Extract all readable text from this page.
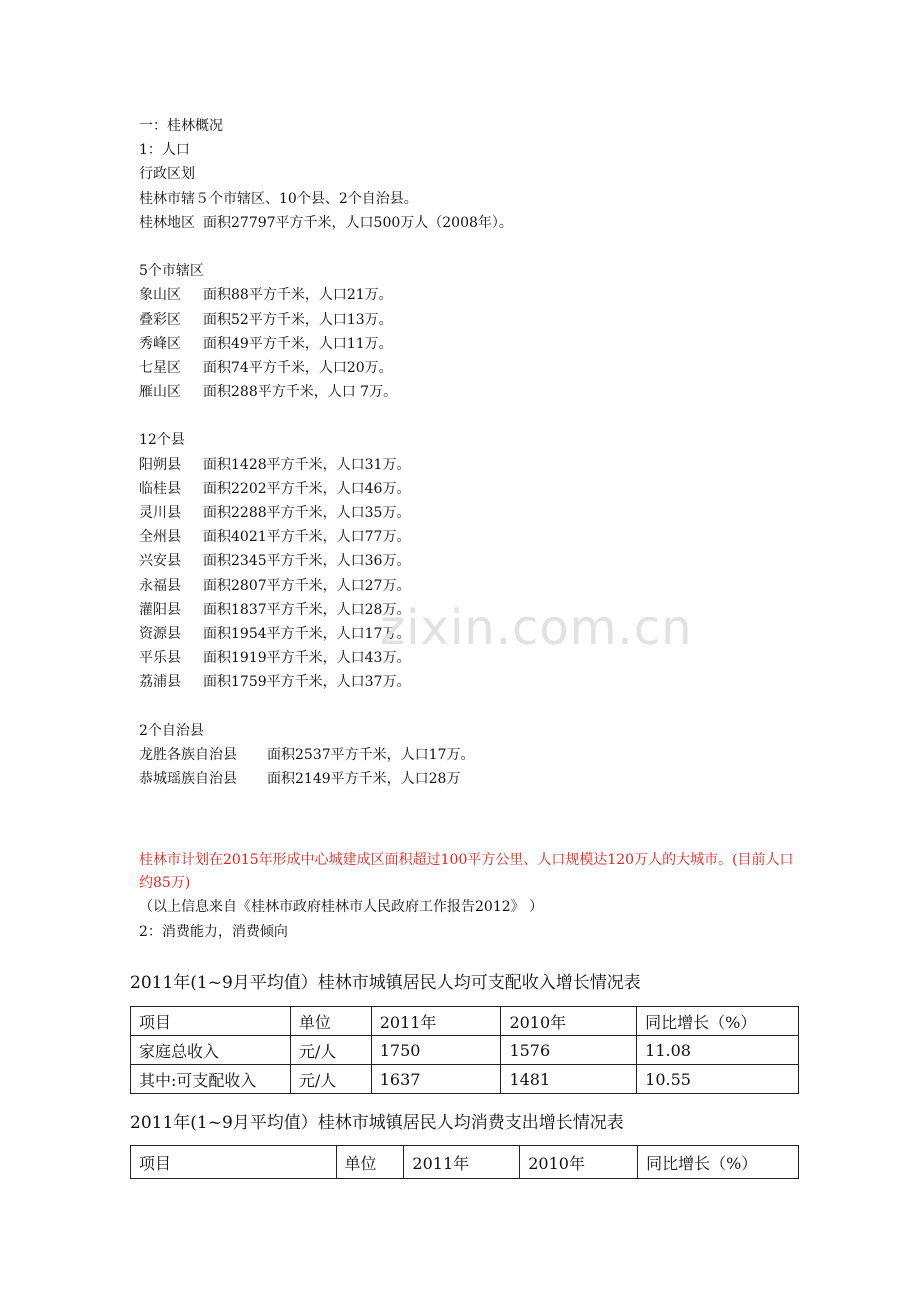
一：桂林概况
1：人口
行政区划
桂林市辖５个市辖区、10个县、2个自治县。
桂林地区 面积27797平方千米，人口500万人（2008年）。
5个市辖区
象山区 面积88平方千米，人口21万。
叠彩区 面积52平方千米，人口13万。
秀峰区 面积49平方千米，人口11万。
七星区 面积74平方千米，人口20万。
雁山区 面积288平方千米，人口 7万。
12个县
阳朔县 面积1428平方千米，人口31万。
临桂县 面积2202平方千米，人口46万。
灵川县 面积2288平方千米，人口35万。
全州县 面积4021平方千米，人口77万。
兴安县 面积2345平方千米，人口36万。
永福县 面积2807平方千米，人口27万。
灌阳县 面积1837平方千米，人口28万。
资源县 面积1954平方千米，人口17万。
平乐县 面积1919平方千米，人口43万。
荔浦县 面积1759平方千米，人口37万。
2个自治县
龙胜各族自治县 面积2537平方千米，人口17万。
恭城瑶族自治县 面积2149平方千米，人口28万

桂林市计划在2015年形成中心城建成区面积超过100平方公里、人口规模达120万人的大城市。(目前人口约85万)

（以上信息来自《桂林市政府桂林市人民政府工作报告2012》 ）
2：消费能力，消费倾向
2011年(1~9月平均值）桂林市城镇居民人均可支配收入增长情况表
项目	单位	2011年	2010年	同比增长（%）
家庭总收入	元/人	1750	1576	11.08
其中:可支配收入	元/人	1637	1481	10.55
2011年(1~9月平均值）桂林市城镇居民人均消费支出增长情况表
项目	单位	2011年	2010年	同比增长（%）
zixin.com.cn
